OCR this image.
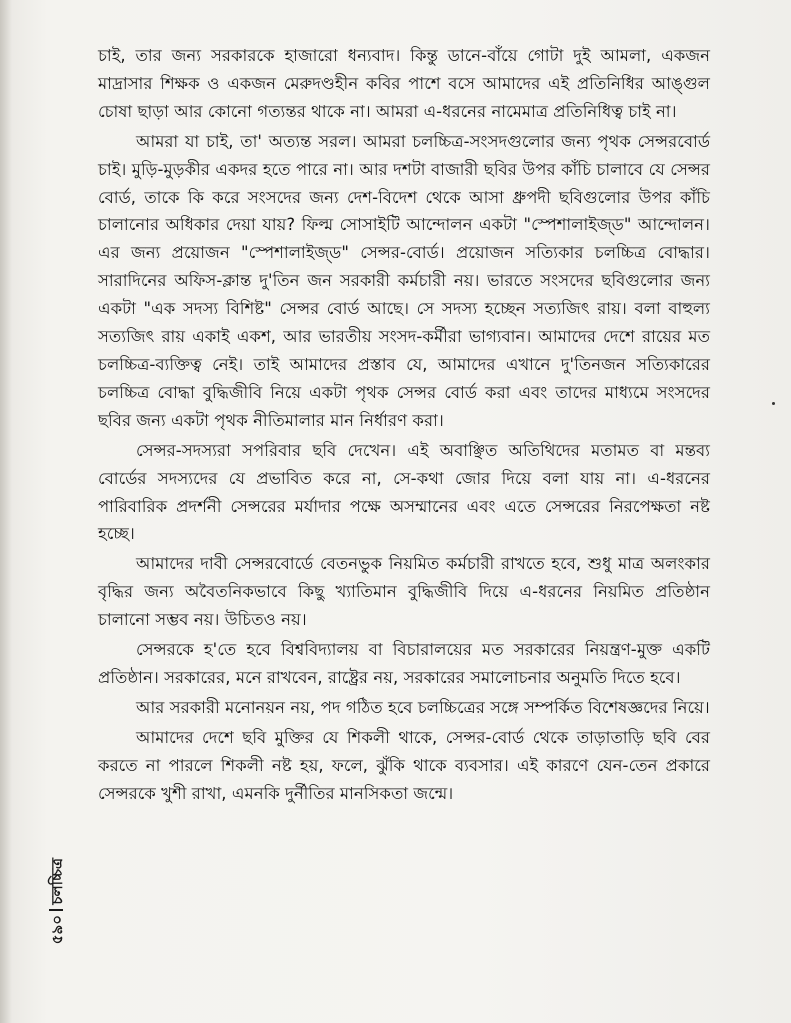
চাই, তার জন্য সরকারকে হাজারো ধন্যবাদ। কিন্তু ডানে-বাঁয়ে গোটা দুই আমলা, একজন মাদ্রাসার শিক্ষক ও একজন মেরুদণ্ডহীন কবির পাশে বসে আমাদের এই প্রতিনিধির আঙ্গুল চোষা ছাড়া আর কোনো গত্যন্তর থাকে না। আমরা এ-ধরনের নামেমাত্র প্রতিনিধিত্ব চাই না।

আমরা যা চাই, তা' অত্যন্ত সরল। আমরা চলচ্চিত্র-সংসদগুলোর জন্য পৃথক সেন্সরবোর্ড চাই। মুড়ি-মুড়কীর একদর হতে পারে না। আর দশটা বাজারী ছবির উপর কাঁচি চালাবে যে সেন্সর বোর্ড, তাকে কি করে সংসদের জন্য দেশ-বিদেশ থেকে আসা ধ্রুপদী ছবিগুলোর উপর কাঁচি চালানোর অধিকার দেয়া যায়? ফিল্ম সোসাইটি আন্দোলন একটা "স্পেশালাইজ্‌ড" আন্দোলন। এর জন্য প্রয়োজন "স্পেশালাইজ্‌ড" সেন্সর-বোর্ড। প্রয়োজন সত্যিকার চলচ্চিত্র বোদ্ধার। সারাদিনের অফিস-ক্লান্ত দু'তিন জন সরকারী কর্মচারী নয়। ভারতে সংসদের ছবিগুলোর জন্য একটা "এক সদস্য বিশিষ্ট" সেন্সর বোর্ড আছে। সে সদস্য হচ্ছেন সত্যজিৎ রায়। বলা বাহুল্য সত্যজিৎ রায় একাই একশ, আর ভারতীয় সংসদ-কর্মীরা ভাগ্যবান। আমাদের দেশে রায়ের মত চলচ্চিত্র-ব্যক্তিত্ব নেই। তাই আমাদের প্রস্তাব যে, আমাদের এখানে দু'তিনজন সত্যিকারের চলচ্চিত্র বোদ্ধা বুদ্ধিজীবি নিয়ে একটা পৃথক সেন্সর বোর্ড করা এবং তাদের মাধ্যমে সংসদের ছবির জন্য একটা পৃথক নীতিমালার মান নির্ধারণ করা।

সেন্সর-সদস্যরা সপরিবার ছবি দেখেন। এই অবাঞ্ছিত অতিথিদের মতামত বা মন্তব্য বোর্ডের সদস্যদের যে প্রভাবিত করে না, সে-কথা জোর দিয়ে বলা যায় না। এ-ধরনের পারিবারিক প্রদর্শনী সেন্সরের মর্যাদার পক্ষে অসম্মানের এবং এতে সেন্সরের নিরপেক্ষতা নষ্ট হচ্ছে।

আমাদের দাবী সেন্সরবোর্ডে বেতনভুক নিয়মিত কর্মচারী রাখতে হবে, শুধু মাত্র অলংকার বৃদ্ধির জন্য অবৈতনিকভাবে কিছু খ্যাতিমান বুদ্ধিজীবি দিয়ে এ-ধরনের নিয়মিত প্রতিষ্ঠান চালানো সম্ভব নয়। উচিতও নয়।

সেন্সরকে হ'তে হবে বিশ্ববিদ্যালয় বা বিচারালয়ের মত সরকারের নিয়ন্ত্রণ-মুক্ত একটি প্রতিষ্ঠান। সরকারের, মনে রাখবেন, রাষ্ট্রের নয়, সরকারের সমালোচনার অনুমতি দিতে হবে।

আর সরকারী মনোনয়ন নয়, পদ গঠিত হবে চলচ্চিত্রের সঙ্গে সম্পর্কিত বিশেষজ্ঞদের নিয়ে।

আমাদের দেশে ছবি মুক্তির যে শিকলী থাকে, সেন্সর-বোর্ড থেকে তাড়াতাড়ি ছবি বের করতে না পারলে শিকলী নষ্ট হয়, ফলে, ঝুঁকি থাকে ব্যবসার। এই কারণে যেন-তেন প্রকারে সেন্সরকে খুশী রাখা, এমনকি দুর্নীতির মানসিকতা জন্মে।

চলচ্চিত্র
৫৯০
